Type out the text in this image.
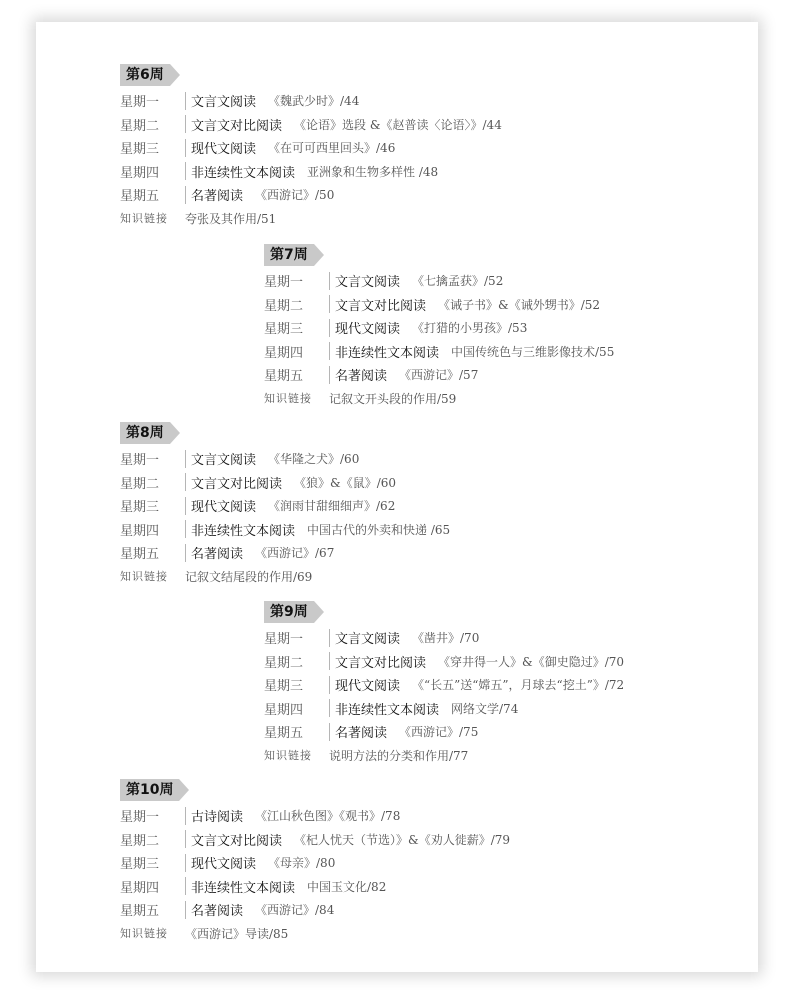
第6周
星期一	文言文阅读 《魏武少时》/44
星期二	文言文对比阅读 《论语》选段 &《赵普读〈论语〉》/44
星期三	现代文阅读 《在可可西里回头》/46
星期四	非连续性文本阅读 亚洲象和生物多样性 /48
星期五	名著阅读 《西游记》/50
知识链接	夸张及其作用/51
第7周
星期一	文言文阅读 《七擒孟获》/52
星期二	文言文对比阅读 《诫子书》&《诫外甥书》/52
星期三	现代文阅读 《打猎的小男孩》/53
星期四	非连续性文本阅读 中国传统色与三维影像技术/55
星期五	名著阅读 《西游记》/57
知识链接	记叙文开头段的作用/59
第8周
星期一	文言文阅读 《华隆之犬》/60
星期二	文言文对比阅读 《狼》&《鼠》/60
星期三	现代文阅读 《润雨甘甜细细声》/62
星期四	非连续性文本阅读 中国古代的外卖和快递 /65
星期五	名著阅读 《西游记》/67
知识链接	记叙文结尾段的作用/69
第9周
星期一	文言文阅读 《凿井》/70
星期二	文言文对比阅读 《穿井得一人》&《御史隐过》/70
星期三	现代文阅读 《“长五”送“嫦五”，月球去“挖土”》/72
星期四	非连续性文本阅读 网络文学/74
星期五	名著阅读 《西游记》/75
知识链接	说明方法的分类和作用/77
第10周
星期一	古诗阅读 《江山秋色图》《观书》/78
星期二	文言文对比阅读 《杞人忧天（节选）》&《劝人徙薪》/79
星期三	现代文阅读 《母亲》/80
星期四	非连续性文本阅读 中国玉文化/82
星期五	名著阅读 《西游记》/84
知识链接	《西游记》导读/85
